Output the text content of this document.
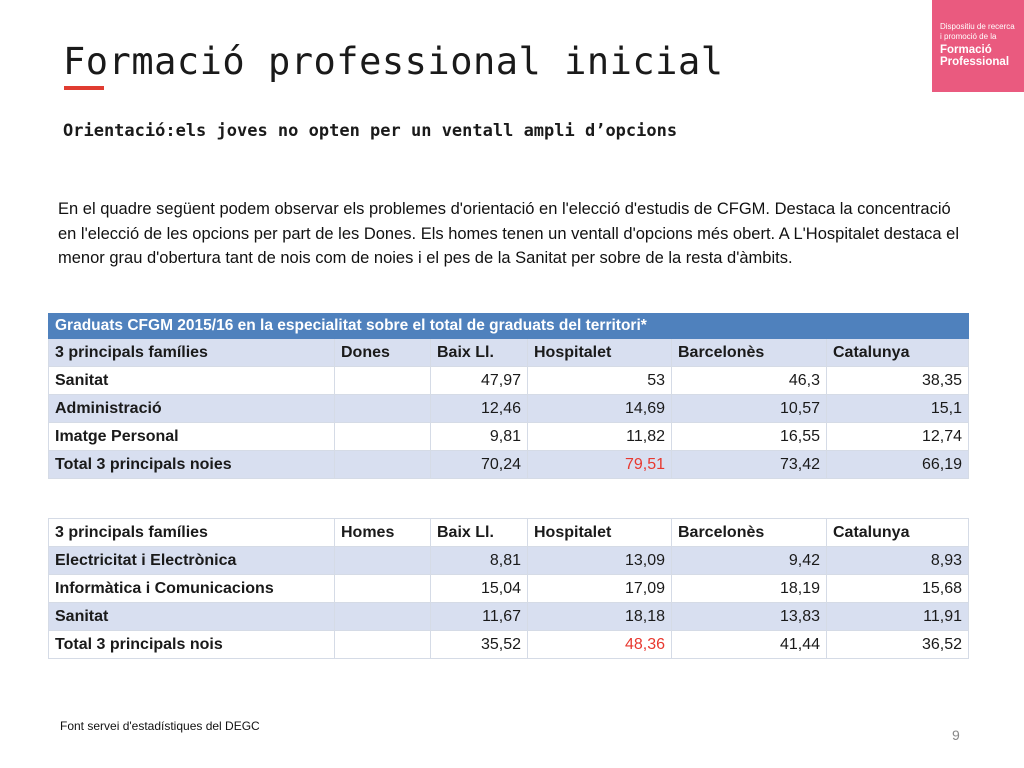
Formació professional inicial
Orientació:els joves no opten per un ventall ampli d’opcions
Dispositiu de recerca
i promoció de la
Formació
Professional
En el quadre següent podem observar els problemes d'orientació en l'elecció d'estudis de CFGM. Destaca la concentració en l'elecció de les opcions per part de les Dones. Els homes tenen un ventall d'opcions més obert. A L'Hospitalet destaca el menor grau d'obertura tant de nois com de noies i el pes de la Sanitat per sobre de la resta d'àmbits.
Graduats CFGM 2015/16 en la especialitat sobre el total de graduats del territori*					
3 principals famílies	Dones	Baix Ll.	Hospitalet	Barcelonès	Catalunya
Sanitat		47,97	53	46,3	38,35
Administració		12,46	14,69	10,57	15,1
Imatge Personal		9,81	11,82	16,55	12,74
Total 3 principals noies		70,24	79,51	73,42	66,19
3 principals famílies	Homes	Baix Ll.	Hospitalet	Barcelonès	Catalunya
Electricitat i Electrònica		8,81	13,09	9,42	8,93
Informàtica i Comunicacions		15,04	17,09	18,19	15,68
Sanitat		11,67	18,18	13,83	11,91
Total 3 principals nois		35,52	48,36	41,44	36,52
Font servei d'estadístiques del DEGC
9
